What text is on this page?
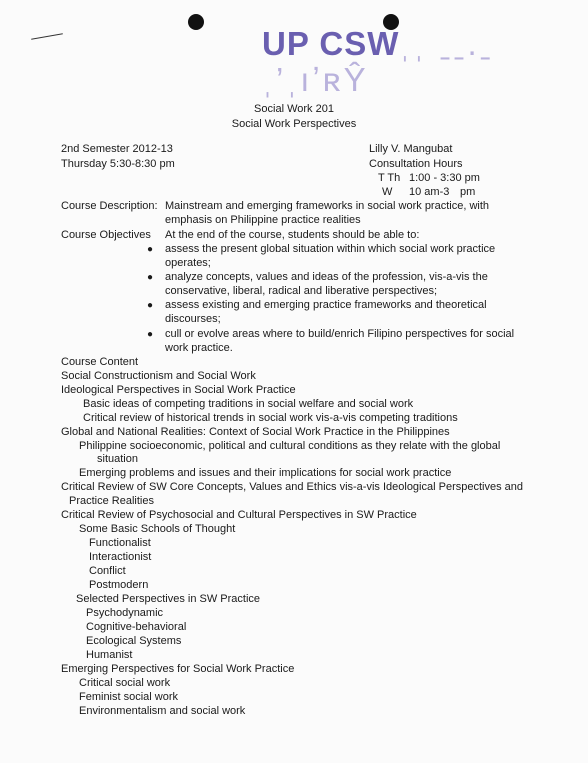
UP CSWˌˌ ˍˍ.ˍˌ’ˌıʼʀŶ
Social Work 201
Social Work Perspectives
2nd Semester 2012-13
Thursday 5:30-8:30 pm
Lilly V. Mangubat
Consultation Hours
T Th 1:00 - 3:30 pm
W 10 am-3 pm
Course Description: Mainstream and emerging frameworks in social work practice, with
emphasis on Philippine practice realities
Course Objectives At the end of the course, students should be able to:
● assess the present global situation within which social work practice
operates;
● analyze concepts, values and ideas of the profession, vis-a-vis the
conservative, liberal, radical and liberative perspectives;
● assess existing and emerging practice frameworks and theoretical
discourses;
● cull or evolve areas where to build/enrich Filipino perspectives for social
work practice.
Course Content
Social Constructionism and Social Work
Ideological Perspectives in Social Work Practice
Basic ideas of competing traditions in social welfare and social work
Critical review of historical trends in social work vis-a-vis competing traditions
Global and National Realities: Context of Social Work Practice in the Philippines
Philippine socioeconomic, political and cultural conditions as they relate with the global
situation
Emerging problems and issues and their implications for social work practice
Critical Review of SW Core Concepts, Values and Ethics vis-a-vis Ideological Perspectives and
Practice Realities
Critical Review of Psychosocial and Cultural Perspectives in SW Practice
Some Basic Schools of Thought
Functionalist
Interactionist
Conflict
Postmodern
Selected Perspectives in SW Practice
Psychodynamic
Cognitive-behavioral
Ecological Systems
Humanist
Emerging Perspectives for Social Work Practice
Critical social work
Feminist social work
Environmentalism and social work
